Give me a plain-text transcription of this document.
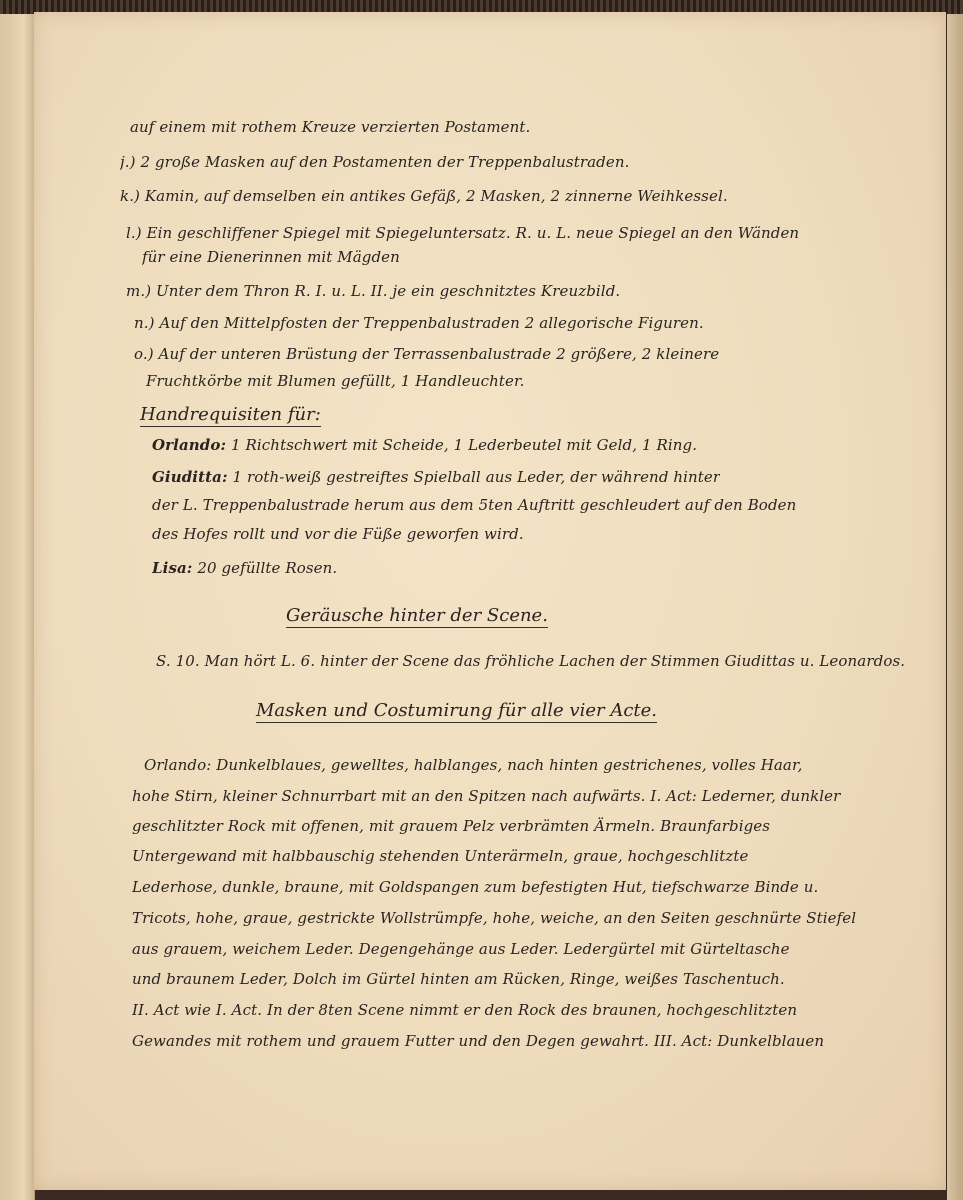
auf einem mit rothem Kreuze verzierten Postament.
j.) 2 große Masken auf den Postamenten der Treppenbalustraden.
k.) Kamin, auf demselben ein antikes Gefäß, 2 Masken, 2 zinnerne Weihkessel.
l.) Ein geschliffener Spiegel mit Spiegeluntersatz. R. u. L. neue Spiegel an den Wänden
für eine Dienerinnen mit Mägden
m.) Unter dem Thron R. I. u. L. II. je ein geschnitztes Kreuzbild.
n.) Auf den Mittelpfosten der Treppenbalustraden 2 allegorische Figuren.
o.) Auf der unteren Brüstung der Terrassenbalustrade 2 größere, 2 kleinere
Fruchtkörbe mit Blumen gefüllt, 1 Handleuchter.
Handrequisiten für:
Orlando: 1 Richtschwert mit Scheide, 1 Lederbeutel mit Geld, 1 Ring.
Giuditta: 1 roth-weiß gestreiftes Spielball aus Leder, der während hinter
der L. Treppenbalustrade herum aus dem 5ten Auftritt geschleudert auf den Boden
des Hofes rollt und vor die Füße geworfen wird.
Lisa: 20 gefüllte Rosen.
Geräusche hinter der Scene.
S. 10. Man hört L. 6. hinter der Scene das fröhliche Lachen der Stimmen Giudittas u. Leonardos.
Masken und Costumirung für alle vier Acte.
Orlando: Dunkelblaues, gewelltes, halblanges, nach hinten gestrichenes, volles Haar,
hohe Stirn, kleiner Schnurrbart mit an den Spitzen nach aufwärts. I. Act: Lederner, dunkler
geschlitzter Rock mit offenen, mit grauem Pelz verbrämten Ärmeln. Braunfarbiges
Untergewand mit halbbauschig stehenden Unterärmeln, graue, hochgeschlitzte
Lederhose, dunkle, braune, mit Goldspangen zum befestigten Hut, tiefschwarze Binde u.
Tricots, hohe, graue, gestrickte Wollstrümpfe, hohe, weiche, an den Seiten geschnürte Stiefel
aus grauem, weichem Leder. Degengehänge aus Leder. Ledergürtel mit Gürteltasche
und braunem Leder, Dolch im Gürtel hinten am Rücken, Ringe, weißes Taschentuch.
II. Act wie I. Act. In der 8ten Scene nimmt er den Rock des braunen, hochgeschlitzten
Gewandes mit rothem und grauem Futter und den Degen gewahrt. III. Act: Dunkelblauen
